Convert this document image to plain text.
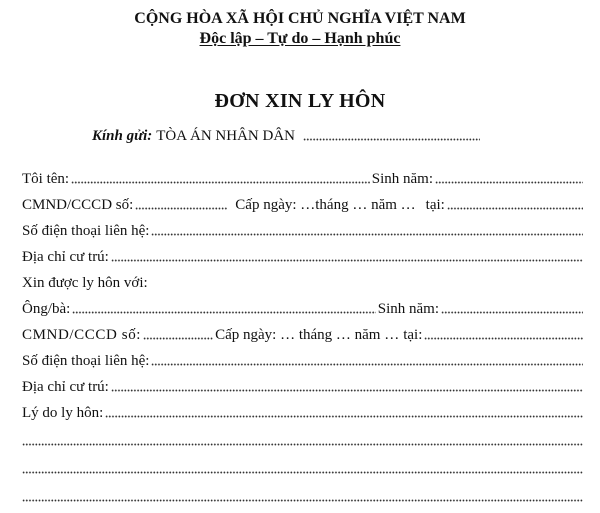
CỘNG HÒA XÃ HỘI CHỦ NGHĨA VIỆT NAM
Độc lập – Tự do – Hạnh phúc
ĐƠN XIN LY HÔN
Kính gửi: TÒA ÁN NHÂN DÂN
Tôi tên:	Sinh năm:
CMND/CCCD số:	Cấp ngày: …tháng … năm … tại:
Số điện thoại liên hệ:
Địa chỉ cư trú:
Xin được ly hôn với:
Ông/bà:	Sinh năm:
CMND/CCCD số:	Cấp ngày: … tháng … năm … tại:
Số điện thoại liên hệ:
Địa chỉ cư trú:
Lý do ly hôn:
